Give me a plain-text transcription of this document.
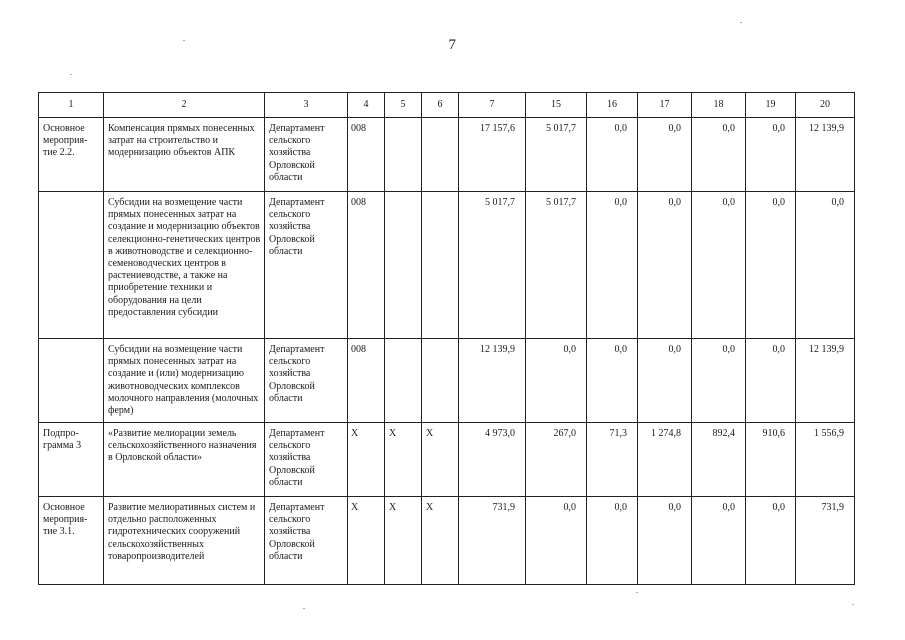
7
1	2	3	4	5	6	7	15	16	17	18	19	20

Основное мероприя-тие 2.2.	Компенсация прямых понесенных затрат на строительство и модернизацию объектов АПК	Департамент сельского хозяйства Орловской области	008			17 157,6	5 017,7	0,0	0,0	0,0	0,0	12 139,9

	Субсидии на возмещение части прямых понесенных затрат на создание и модернизацию объектов селекционно-генетических центров в животноводстве и селекционно-семеноводческих центров в растениеводстве, а также на приобретение техники и оборудования на цели предоставления субсидии	Департамент сельского хозяйства Орловской области	008			5 017,7	5 017,7	0,0	0,0	0,0	0,0	0,0

	Субсидии на возмещение части прямых понесенных затрат на создание и (или) модернизацию животноводческих комплексов молочного направления (молочных ферм)	Департамент сельского хозяйства Орловской области	008			12 139,9	0,0	0,0	0,0	0,0	0,0	12 139,9

Подпро-грамма 3	«Развитие мелиорации земель сельскохозяйственного назначения в Орловской области»	Департамент сельского хозяйства Орловской области	X	X	X	4 973,0	267,0	71,3	1 274,8	892,4	910,6	1 556,9

Основное мероприя-тие 3.1.	Развитие мелиоративных систем и отдельно расположенных гидротехнических сооружений сельскохозяйственных товаропроизводителей	Департамент сельского хозяйства Орловской области	X	X	X	731,9	0,0	0,0	0,0	0,0	0,0	731,9
